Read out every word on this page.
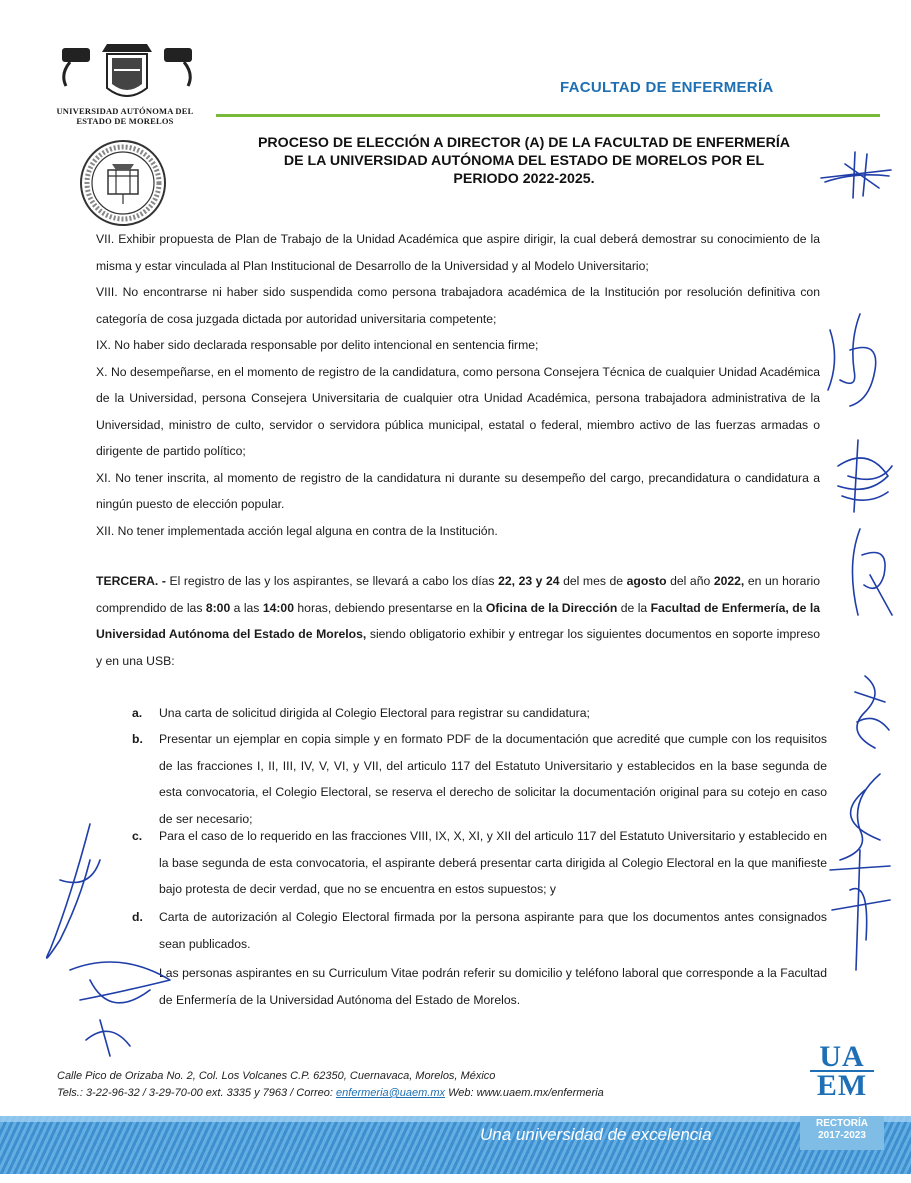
UNIVERSIDAD AUTÓNOMA DEL
ESTADO DE MORELOS
FACULTAD DE ENFERMERÍA
PROCESO DE ELECCIÓN A DIRECTOR (A) DE LA FACULTAD DE ENFERMERÍA
DE LA UNIVERSIDAD AUTÓNOMA DEL ESTADO DE MORELOS POR EL
PERIODO 2022-2025.

VII. Exhibir propuesta de Plan de Trabajo de la Unidad Académica que aspire dirigir, la cual deberá demostrar su conocimiento de la misma y estar vinculada al Plan Institucional de Desarrollo de la Universidad y al Modelo Universitario;

VIII. No encontrarse ni haber sido suspendida como persona trabajadora académica de la Institución por resolución definitiva con categoría de cosa juzgada dictada por autoridad universitaria competente;

IX. No haber sido declarada responsable por delito intencional en sentencia firme;

X. No desempeñarse, en el momento de registro de la candidatura, como persona Consejera Técnica de cualquier Unidad Académica de la Universidad, persona Consejera Universitaria de cualquier otra Unidad Académica, persona trabajadora administrativa de la Universidad, ministro de culto, servidor o servidora pública municipal, estatal o federal, miembro activo de las fuerzas armadas o dirigente de partido político;

XI. No tener inscrita, al momento de registro de la candidatura ni durante su desempeño del cargo, precandidatura o candidatura a ningún puesto de elección popular.

XII. No tener implementada acción legal alguna en contra de la Institución.

TERCERA. - El registro de las y los aspirantes, se llevará a cabo los días 22, 23 y 24 del mes de agosto del año 2022, en un horario comprendido de las 8:00 a las 14:00 horas, debiendo presentarse en la Oficina de la Dirección de la Facultad de Enfermería, de la Universidad Autónoma del Estado de Morelos, siendo obligatorio exhibir y entregar los siguientes documentos en soporte impreso y en una USB:

a. Una carta de solicitud dirigida al Colegio Electoral para registrar su candidatura;
b. Presentar un ejemplar en copia simple y en formato PDF de la documentación que acredité que cumple con los requisitos de las fracciones I, II, III, IV, V, VI, y VII, del articulo 117 del Estatuto Universitario y establecidos en la base segunda de esta convocatoria, el Colegio Electoral, se reserva el derecho de solicitar la documentación original para su cotejo en caso de ser necesario;
c. Para el caso de lo requerido en las fracciones VIII, IX, X, XI, y XII del articulo 117 del Estatuto Universitario y establecido en la base segunda de esta convocatoria, el aspirante deberá presentar carta dirigida al Colegio Electoral en la que manifieste bajo protesta de decir verdad, que no se encuentra en estos supuestos; y
d. Carta de autorización al Colegio Electoral firmada por la persona aspirante para que los documentos antes consignados sean publicados.
Las personas aspirantes en su Curriculum Vitae podrán referir su domicilio y teléfono laboral que corresponde a la Facultad de Enfermería de la Universidad Autónoma del Estado de Morelos.
Calle Pico de Orizaba No. 2, Col. Los Volcanes C.P. 62350, Cuernavaca, Morelos, México
Tels.: 3-22-96-32 / 3-29-70-00 ext. 3335 y 7963 / Correo: enfermeria@uaem.mx Web: www.uaem.mx/enfermeria
UA
EM
Una universidad de excelencia
RECTORÍA
2017-2023
